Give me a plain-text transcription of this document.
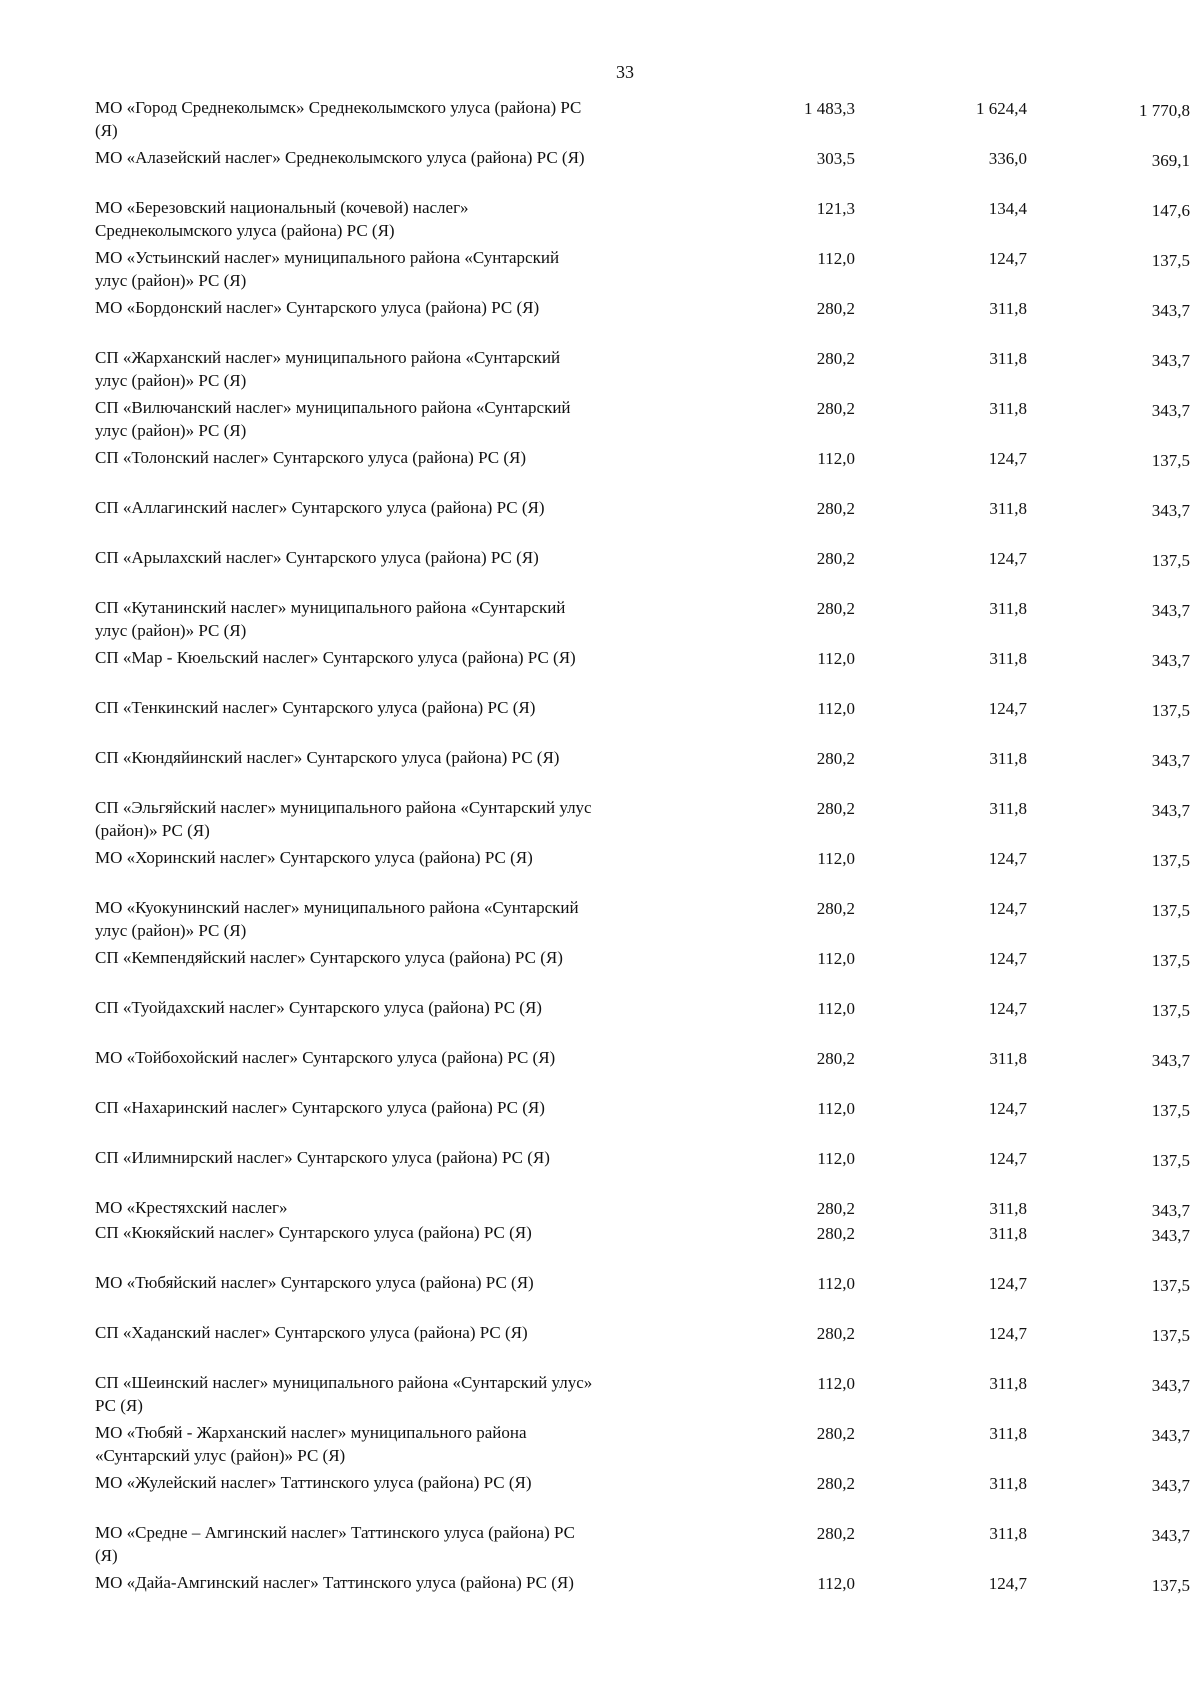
33
МО «Город Среднеколымск» Среднеколымского улуса (района) РС (Я)
1 483,3	1 624,4	1 770,8
МО «Алазейский наслег» Среднеколымского улуса (района) РС (Я)	303,5	336,0	369,1
МО «Березовский национальный (кочевой) наслег» Среднеколымского улуса (района) РС (Я)
121,3	134,4	147,6
МО «Устьинский наслег» муниципального района «Сунтарский улус (район)» РС (Я)
112,0	124,7	137,5
МО «Бордонский наслег» Сунтарского улуса (района) РС (Я)	280,2	311,8	343,7
СП «Жарханский наслег» муниципального района «Сунтарский улус (район)» РС (Я)
280,2	311,8	343,7
СП «Вилючанский наслег» муниципального района «Сунтарский улус (район)» РС (Я)
280,2	311,8	343,7
СП «Толонский наслег» Сунтарского улуса (района) РС (Я)	112,0	124,7	137,5
СП «Аллагинский наслег» Сунтарского улуса (района) РС (Я)	280,2	311,8	343,7
СП «Арылахский наслег» Сунтарского улуса (района) РС (Я)	280,2	124,7	137,5
СП «Кутанинский наслег» муниципального района «Сунтарский улус (район)» РС (Я)
280,2	311,8	343,7
СП «Мар - Кюельский наслег» Сунтарского улуса (района) РС (Я)	112,0	311,8	343,7
СП «Тенкинский наслег» Сунтарского улуса (района) РС (Я)	112,0	124,7	137,5
СП «Кюндяйинский наслег» Сунтарского улуса (района) РС (Я)	280,2	311,8	343,7
СП «Эльгяйский наслег» муниципального района «Сунтарский улус (район)» РС (Я)
280,2	311,8	343,7
МО «Хоринский наслег» Сунтарского улуса (района) РС (Я)	112,0	124,7	137,5
МО «Куокунинский наслег» муниципального района «Сунтарский улус (район)» РС (Я)
280,2	124,7	137,5
СП «Кемпендяйский наслег» Сунтарского улуса (района) РС (Я)	112,0	124,7	137,5
СП «Туойдахский наслег» Сунтарского улуса (района) РС (Я)	112,0	124,7	137,5
МО «Тойбохойский наслег» Сунтарского улуса (района) РС (Я)	280,2	311,8	343,7
СП «Нахаринский наслег» Сунтарского улуса (района) РС (Я)	112,0	124,7	137,5
СП «Илимнирский наслег» Сунтарского улуса (района) РС (Я)	112,0	124,7	137,5
МО «Крестяхский наслег»	280,2	311,8	343,7
СП «Кюкяйский наслег» Сунтарского улуса (района) РС (Я)	280,2	311,8	343,7
МО «Тюбяйский наслег» Сунтарского улуса (района) РС (Я)	112,0	124,7	137,5
СП «Хаданский наслег» Сунтарского улуса (района) РС (Я)	280,2	124,7	137,5
СП «Шеинский наслег» муниципального района «Сунтарский улус» РС (Я)
112,0	311,8	343,7
МО «Тюбяй - Жарханский наслег» муниципального района «Сунтарский улус (район)» РС (Я)
280,2	311,8	343,7
МО «Жулейский наслег» Таттинского улуса (района) РС (Я)	280,2	311,8	343,7
МО «Средне – Амгинский наслег» Таттинского улуса (района) РС (Я)
280,2	311,8	343,7
МО «Дайа-Амгинский наслег» Таттинского улуса (района) РС (Я)	112,0	124,7	137,5
